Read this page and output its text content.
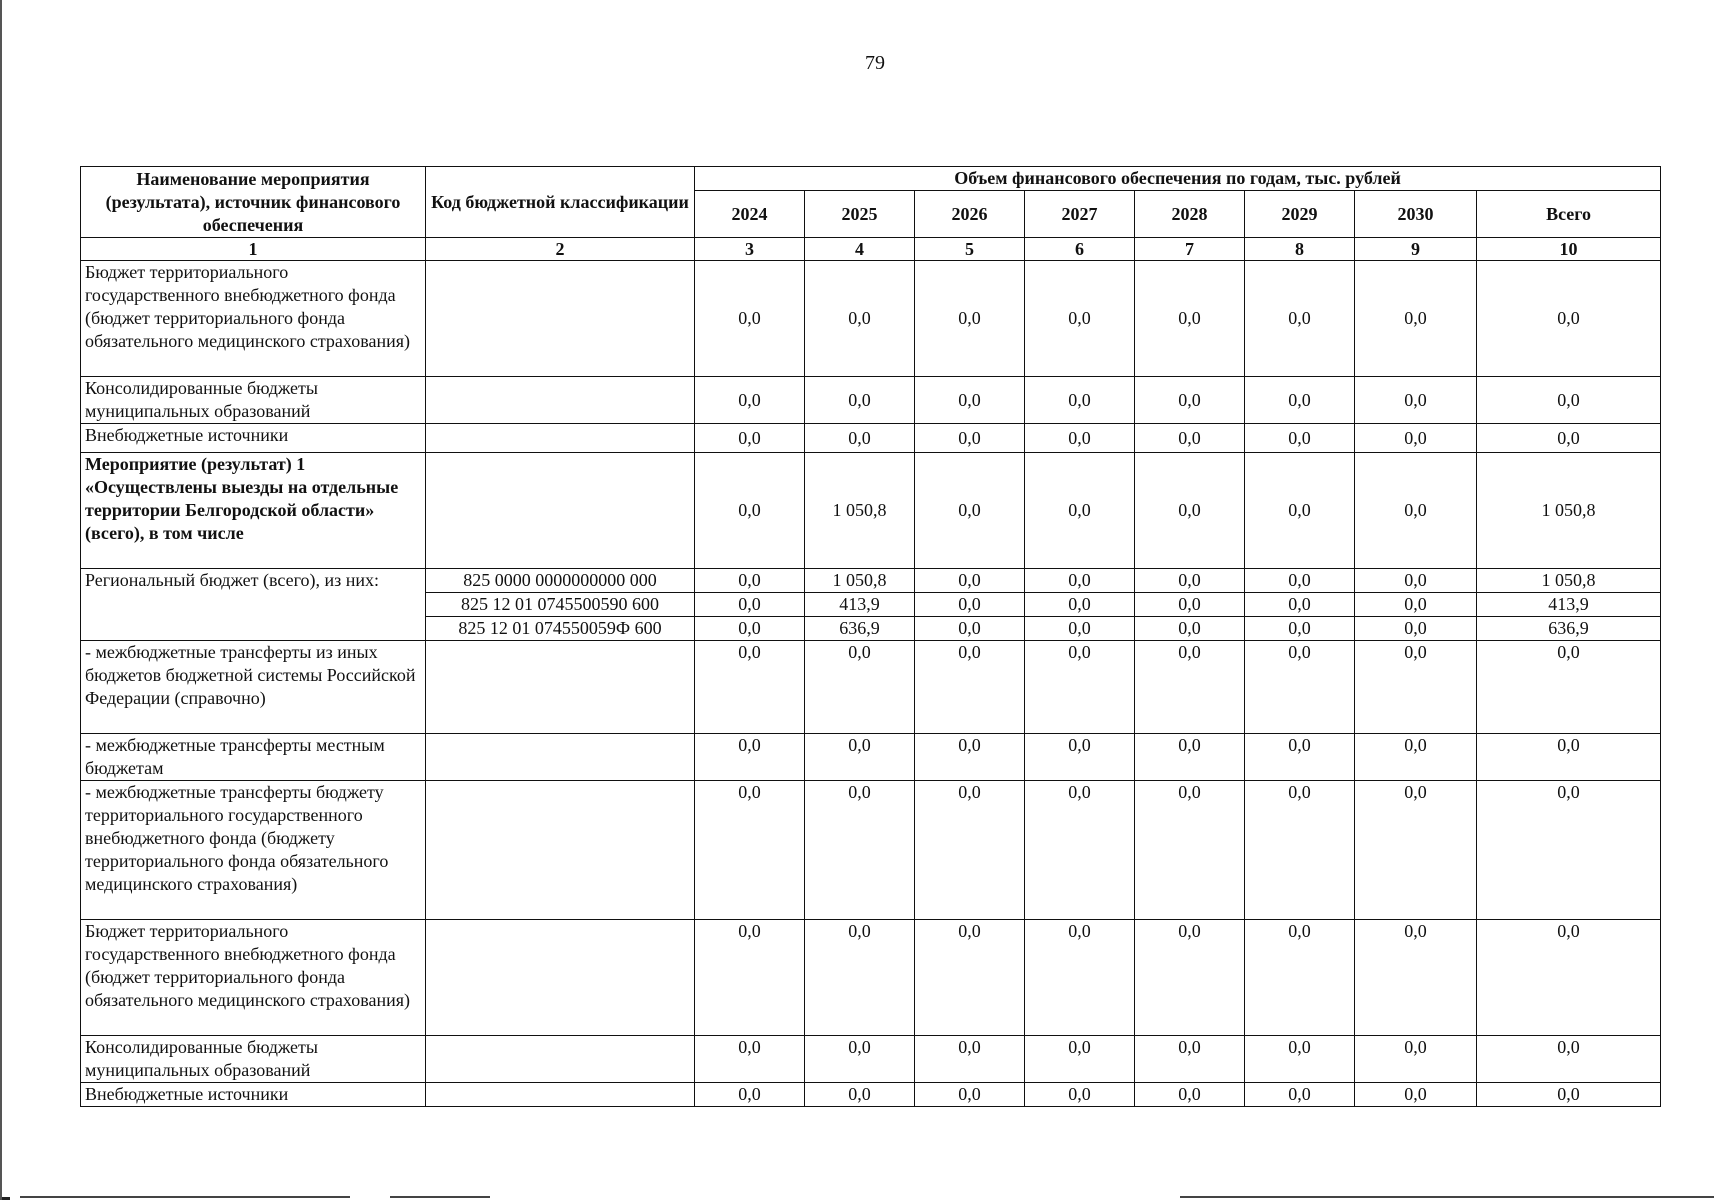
79
Наименование мероприятия (результата), источник финансового обеспечения	Код бюджетной классификации	Объем финансового обеспечения по годам, тыс. рублей							
		2024	2025	2026	2027	2028	2029	2030	Всего
1	2	3	4	5	6	7	8	9	10
Бюджет территориального государственного внебюджетного фонда (бюджет территориального фонда обязательного медицинского страхования)		0,0	0,0	0,0	0,0	0,0	0,0	0,0	0,0
Консолидированные бюджеты муниципальных образований		0,0	0,0	0,0	0,0	0,0	0,0	0,0	0,0
Внебюджетные источники		0,0	0,0	0,0	0,0	0,0	0,0	0,0	0,0
Мероприятие (результат) 1 «Осуществлены выезды на отдельные территории Белгородской области» (всего), в том числе		0,0	1 050,8	0,0	0,0	0,0	0,0	0,0	1 050,8
Региональный бюджет (всего), из них:	825 0000 0000000000 000	0,0	1 050,8	0,0	0,0	0,0	0,0	0,0	1 050,8
	825 12 01 0745500590 600	0,0	413,9	0,0	0,0	0,0	0,0	0,0	413,9
	825 12 01 074550059Ф 600	0,0	636,9	0,0	0,0	0,0	0,0	0,0	636,9
- межбюджетные трансферты из иных бюджетов бюджетной системы Российской Федерации (справочно)		0,0	0,0	0,0	0,0	0,0	0,0	0,0	0,0
- межбюджетные трансферты местным бюджетам		0,0	0,0	0,0	0,0	0,0	0,0	0,0	0,0
- межбюджетные трансферты бюджету территориального государственного внебюджетного фонда (бюджету территориального фонда обязательного медицинского страхования)		0,0	0,0	0,0	0,0	0,0	0,0	0,0	0,0
Бюджет территориального государственного внебюджетного фонда (бюджет территориального фонда обязательного медицинского страхования)		0,0	0,0	0,0	0,0	0,0	0,0	0,0	0,0
Консолидированные бюджеты муниципальных образований		0,0	0,0	0,0	0,0	0,0	0,0	0,0	0,0
Внебюджетные источники		0,0	0,0	0,0	0,0	0,0	0,0	0,0	0,0
